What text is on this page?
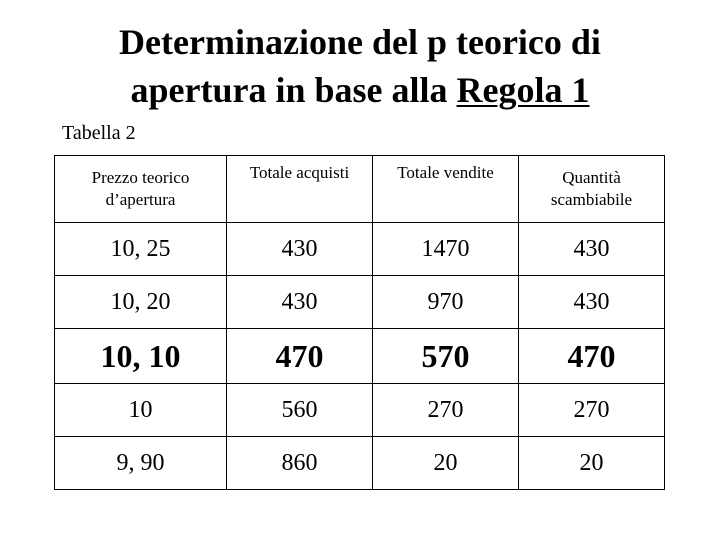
Determinazione del p teorico di
apertura in base alla Regola 1
Tabella 2
Prezzo teorico d’apertura	Totale acquisti	Totale vendite	Quantità scambiabile
10, 25	430	1470	430
10, 20	430	970	430
10, 10	470	570	470
10	560	270	270
9, 90	860	20	20
